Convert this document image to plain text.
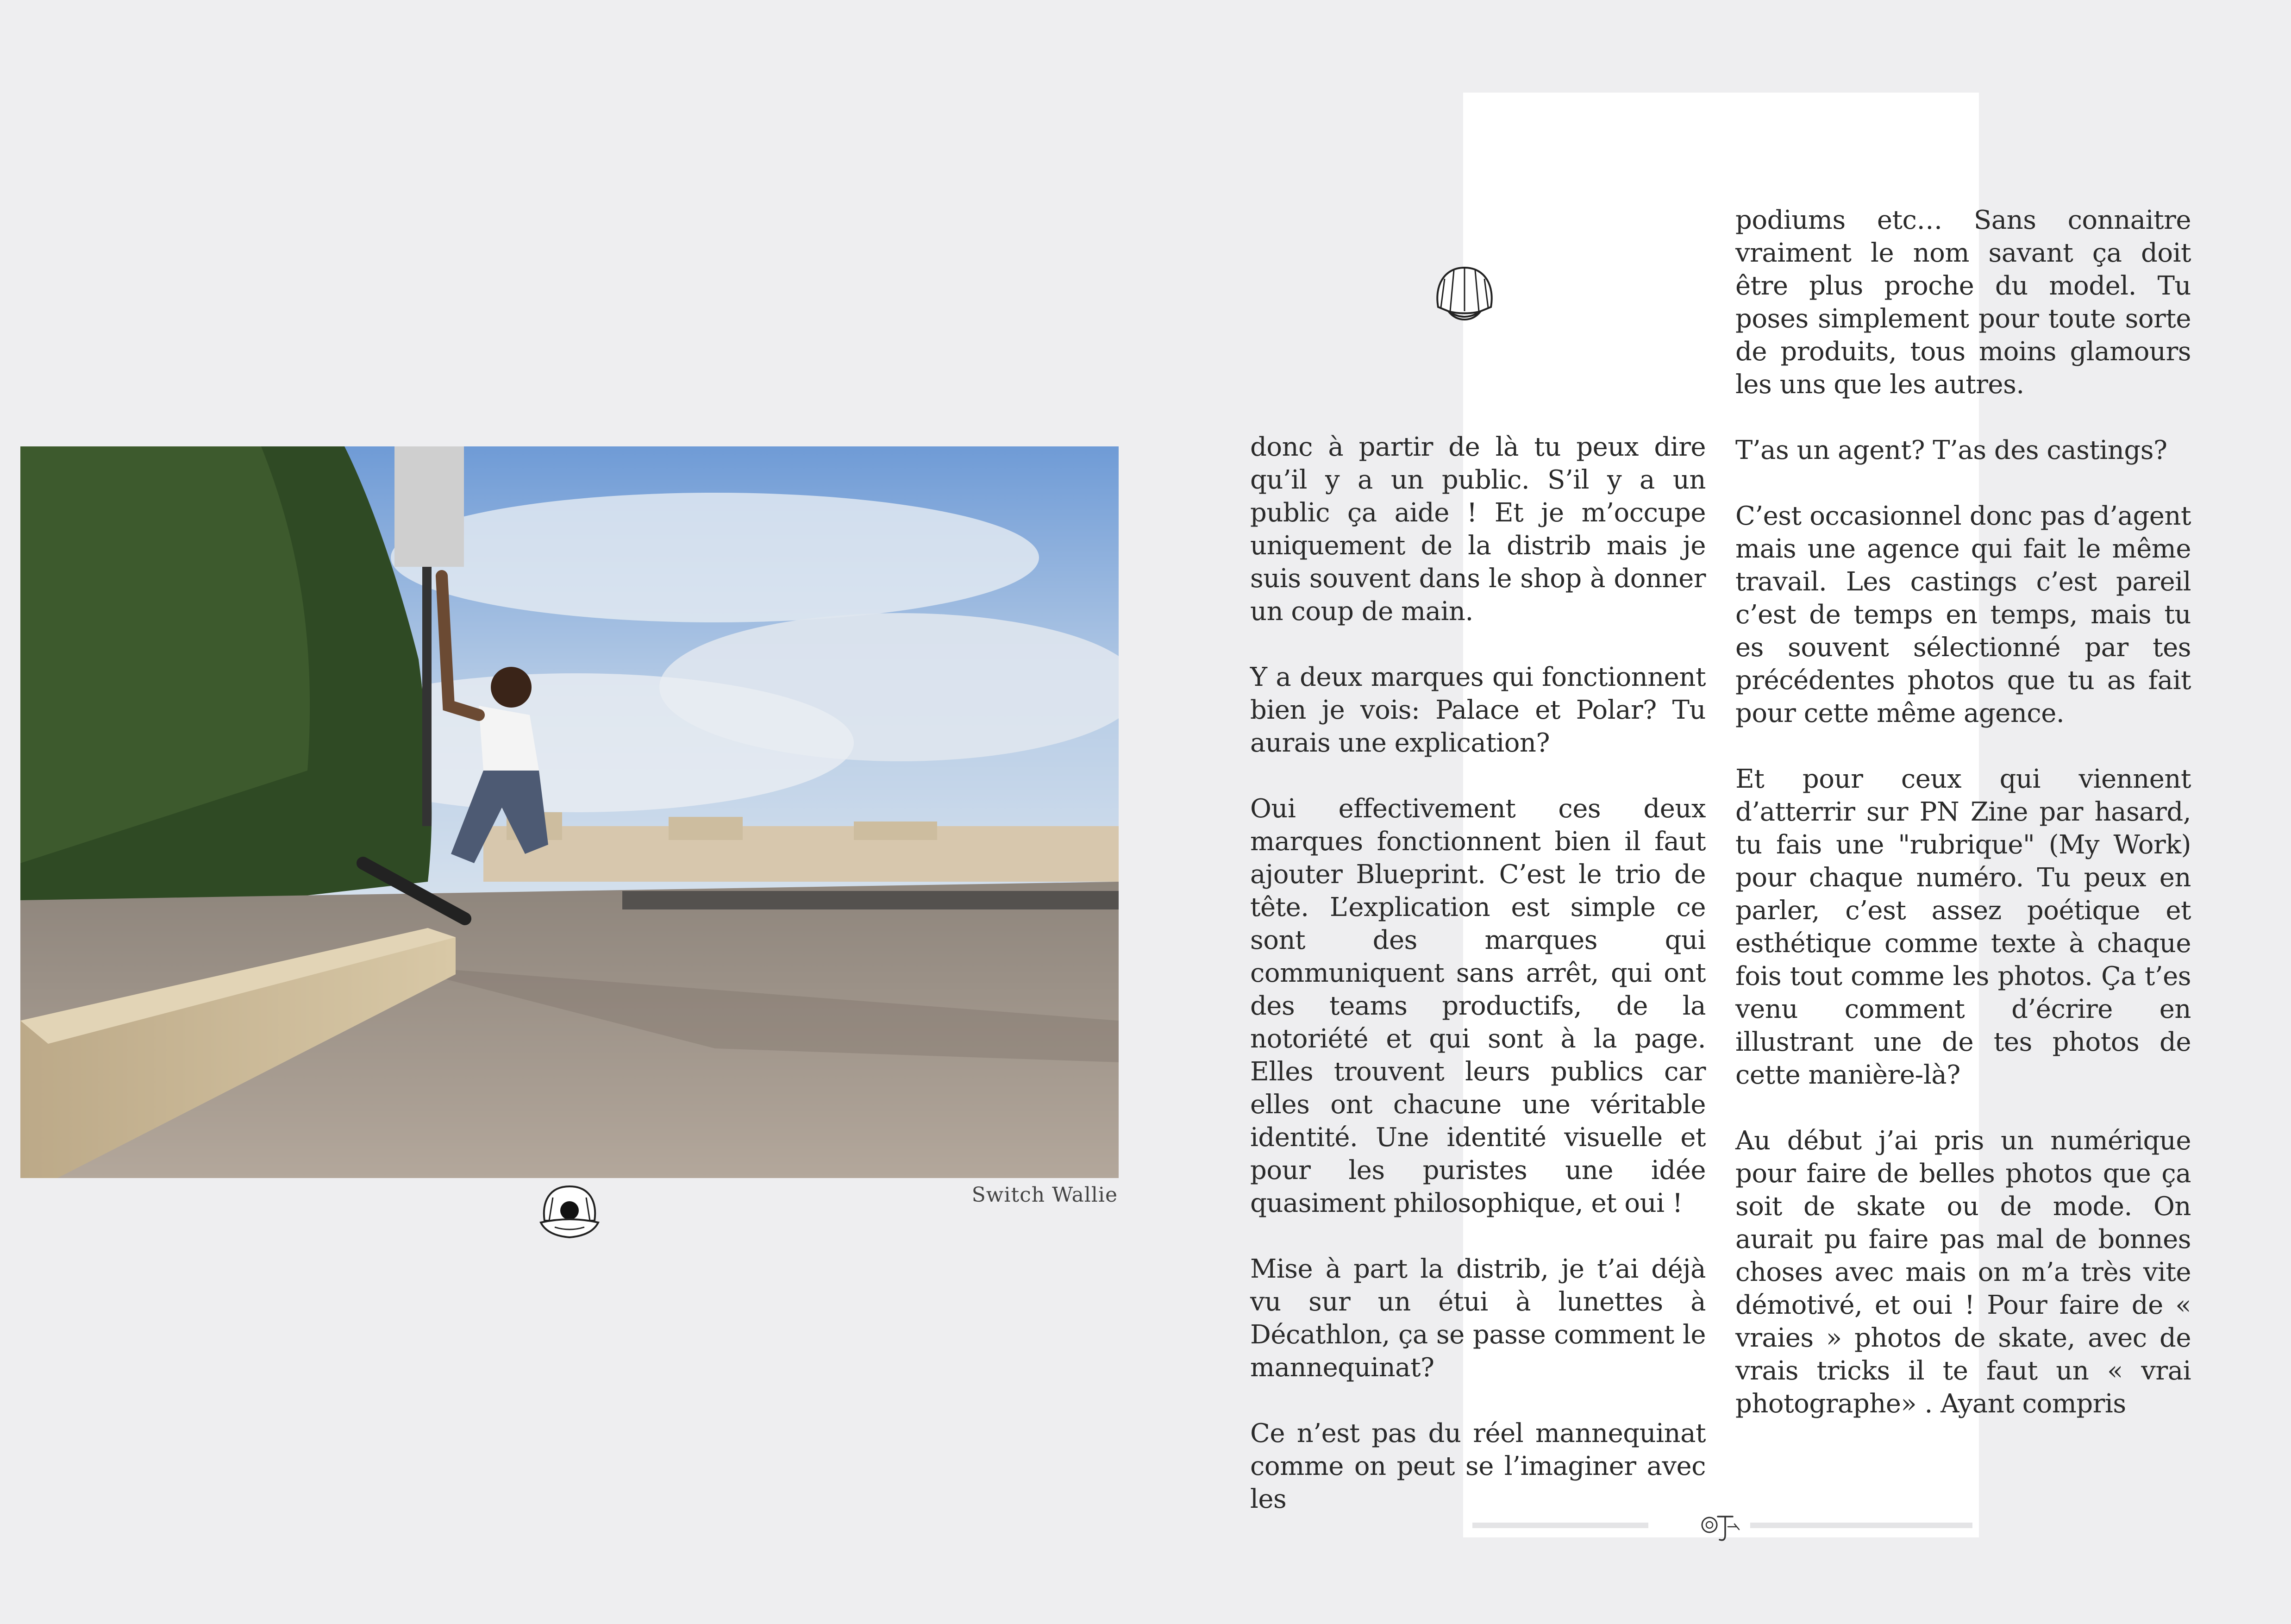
Switch Wallie

donc à partir de là tu peux dire qu’il y a un public. S’il y a un public ça aide ! Et je m’occupe uniquement de la distrib mais je suis souvent dans le shop à donner un coup de main.

Y a deux marques qui fonctionnent bien je vois: Palace et Polar? Tu aurais une explication?

Oui effectivement ces deux marques fonctionnent bien il faut ajouter Blueprint. C’est le trio de tête. L’explication est simple ce sont des marques qui communiquent sans arrêt, qui ont des teams productifs, de la notoriété et qui sont à la page. Elles trouvent leurs publics car elles ont chacune une véritable identité. Une identité visuelle et pour les puristes une idée quasiment philosophique, et oui !

Mise à part la distrib, je t’ai déjà vu sur un étui à lunettes à Décathlon, ça se passe comment le mannequinat?

Ce n’est pas du réel mannequinat comme on peut se l’imaginer avec les

podiums etc… Sans connaitre vraiment le nom savant ça doit être plus proche du model. Tu poses simplement pour toute sorte de produits, tous moins glamours les uns que les autres.

T’as un agent? T’as des castings?

C’est occasionnel donc pas d’agent mais une agence qui fait le même travail. Les castings c’est pareil c’est de temps en temps, mais tu es souvent sélectionné par tes précédentes photos que tu as fait pour cette même agence.

Et pour ceux qui viennent d’atterrir sur PN Zine par hasard, tu fais une "rubrique" (My Work) pour chaque numéro. Tu peux en parler, c’est assez poétique et esthétique comme texte à chaque fois tout comme les photos. Ça t’es venu comment d’écrire en illustrant une de tes photos de cette manière-là?

Au début j’ai pris un numérique pour faire de belles photos que ça soit de skate ou de mode. On aurait pu faire pas mal de bonnes choses avec mais on m’a très vite démotivé, et oui ! Pour faire de « vraies » photos de skate, avec de vrais tricks il te faut un « vrai photographe» . Ayant compris
